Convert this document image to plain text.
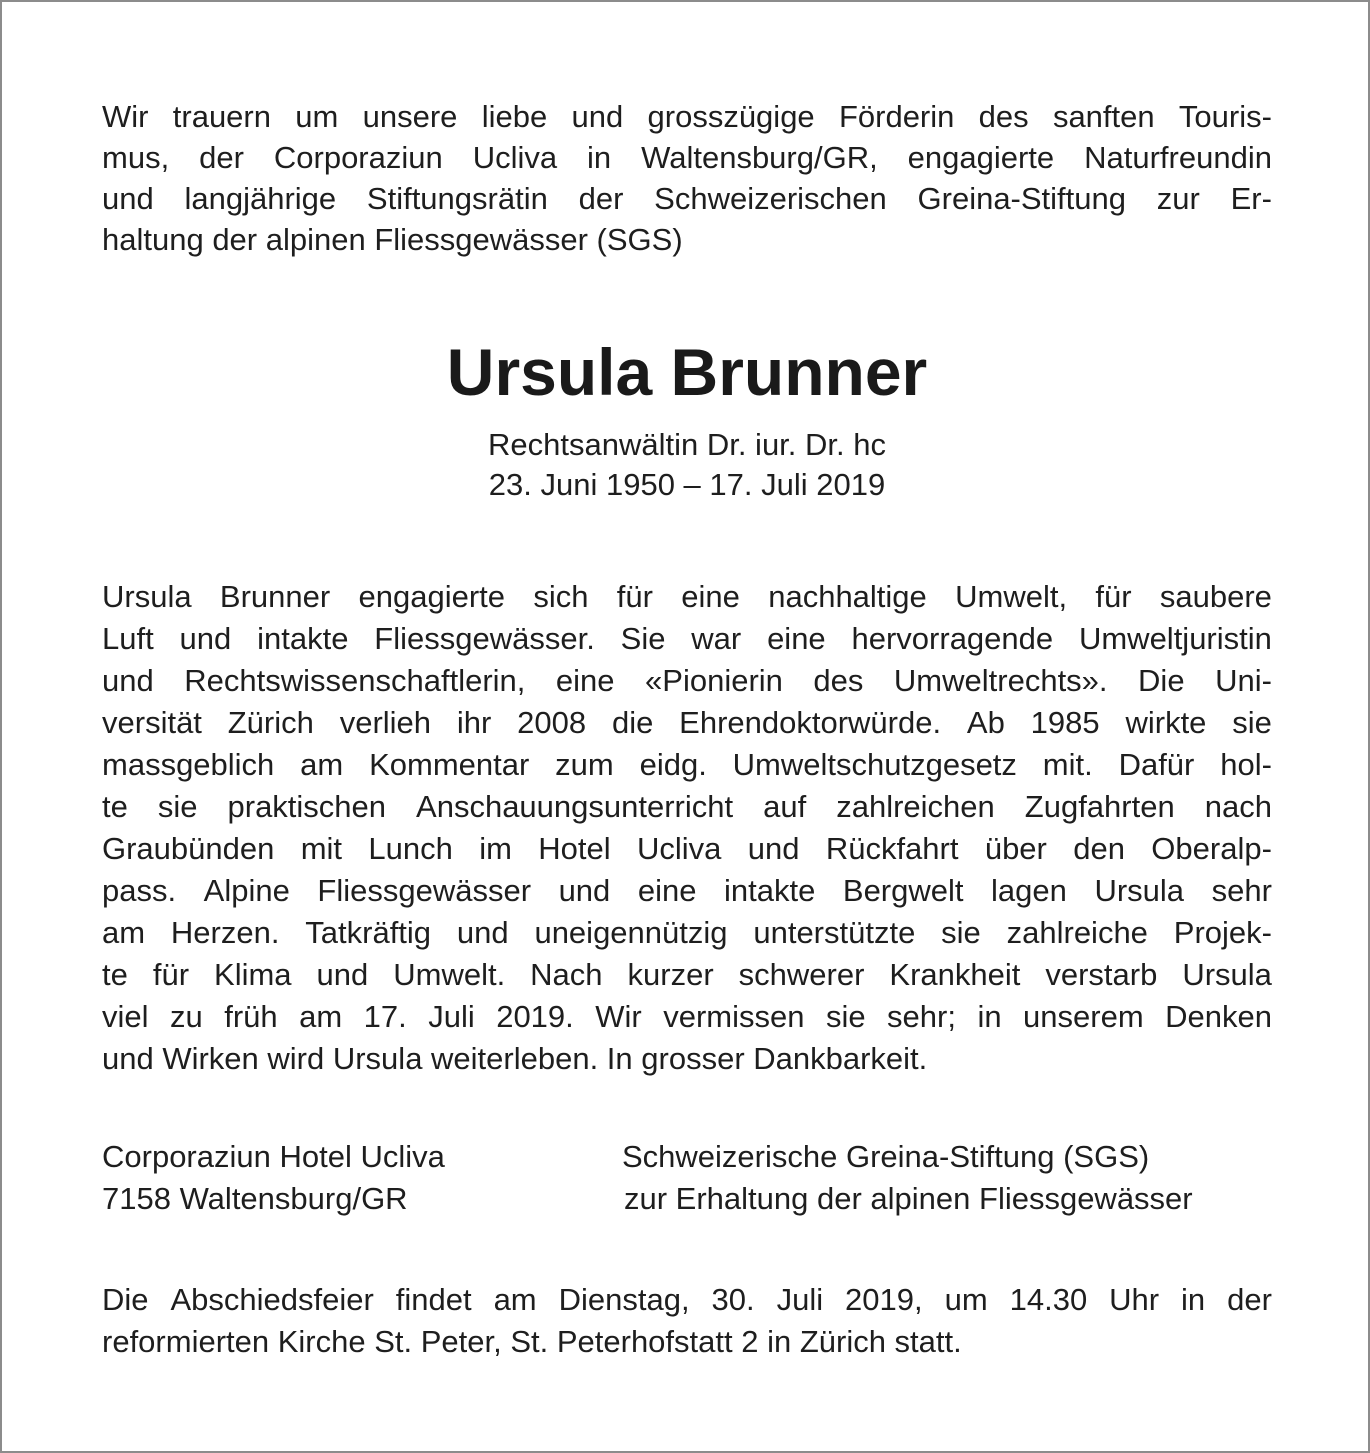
Wir trauern um unsere liebe und grosszügige Förderin des sanften Touris-

mus, der Corporaziun Ucliva in Waltensburg/GR, engagierte Naturfreundin

und langjährige Stiftungsrätin der Schweizerischen Greina-Stiftung zur Er-

haltung der alpinen Fliessgewässer (SGS)

Ursula Brunner

Rechtsanwältin Dr. iur. Dr. hc

23. Juni 1950 – 17. Juli 2019

Ursula Brunner engagierte sich für eine nachhaltige Umwelt, für saubere

Luft und intakte Fliessgewässer. Sie war eine hervorragende Umweltjuristin

und Rechtswissenschaftlerin, eine «Pionierin des Umweltrechts». Die Uni-

versität Zürich verlieh ihr 2008 die Ehrendoktorwürde. Ab 1985 wirkte sie

massgeblich am Kommentar zum eidg. Umweltschutzgesetz mit. Dafür hol-

te sie praktischen Anschauungsunterricht auf zahlreichen Zugfahrten nach

Graubünden mit Lunch im Hotel Ucliva und Rückfahrt über den Oberalp-

pass. Alpine Fliessgewässer und eine intakte Bergwelt lagen Ursula sehr

am Herzen. Tatkräftig und uneigennützig unterstützte sie zahlreiche Projek-

te für Klima und Umwelt. Nach kurzer schwerer Krankheit verstarb Ursula

viel zu früh am 17. Juli 2019. Wir vermissen sie sehr; in unserem Denken

und Wirken wird Ursula weiterleben. In grosser Dankbarkeit.

Corporaziun Hotel Ucliva

7158 Waltensburg/GR

Schweizerische Greina-Stiftung (SGS)

zur Erhaltung der alpinen Fliessgewässer

Die Abschiedsfeier findet am Dienstag, 30. Juli 2019, um 14.30 Uhr in der

reformierten Kirche St. Peter, St. Peterhofstatt 2 in Zürich statt.
